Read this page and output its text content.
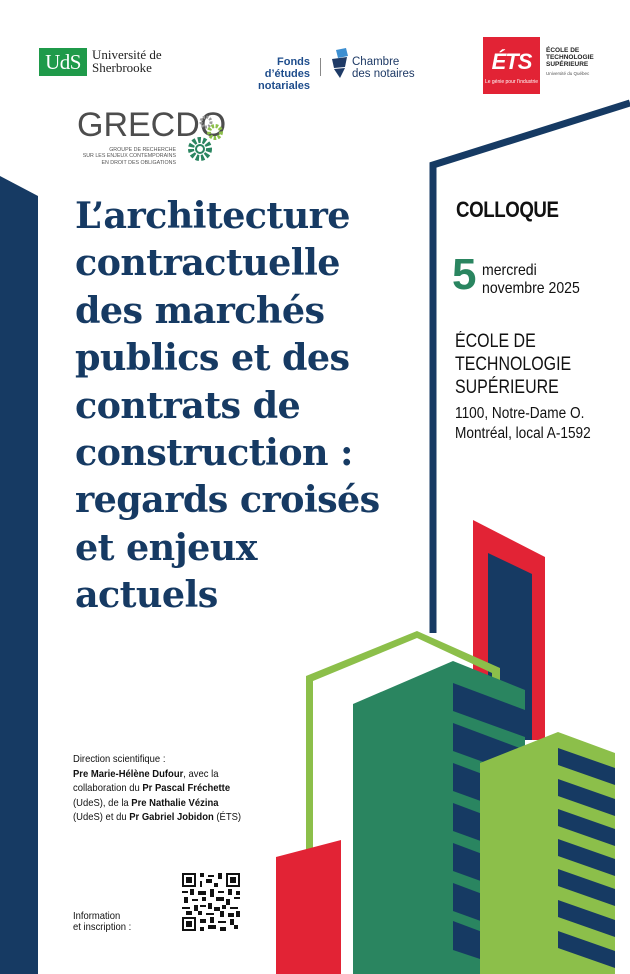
UdS Université de
Sherbrooke	Fonds d’études
notariales
Chambre
des notaires	ÉTS
Le génie pour l’industrie
ÉCOLE DE
TECHNOLOGIE
SUPÉRIEURE
Université du Québec
GRECDO
GROUPE DE RECHERCHE
SUR LES ENJEUX CONTEMPORAINS
EN DROIT DES OBLIGATIONS
L’architecture
contractuelle
des marchés
publics et des
contrats de
construction :
regards croisés
et enjeux
actuels
COLLOQUE
5 mercredi
novembre 2025
ÉCOLE DE
TECHNOLOGIE
SUPÉRIEURE
1100, Notre-Dame O.
Montréal, local A-1592
Direction scientifique :
Pre Marie-Hélène Dufour, avec la
collaboration du Pr Pascal Fréchette
(UdeS), de la Pre Nathalie Vézina
(UdeS) et du Pr Gabriel Jobidon (ÉTS)
Information
et inscription :
